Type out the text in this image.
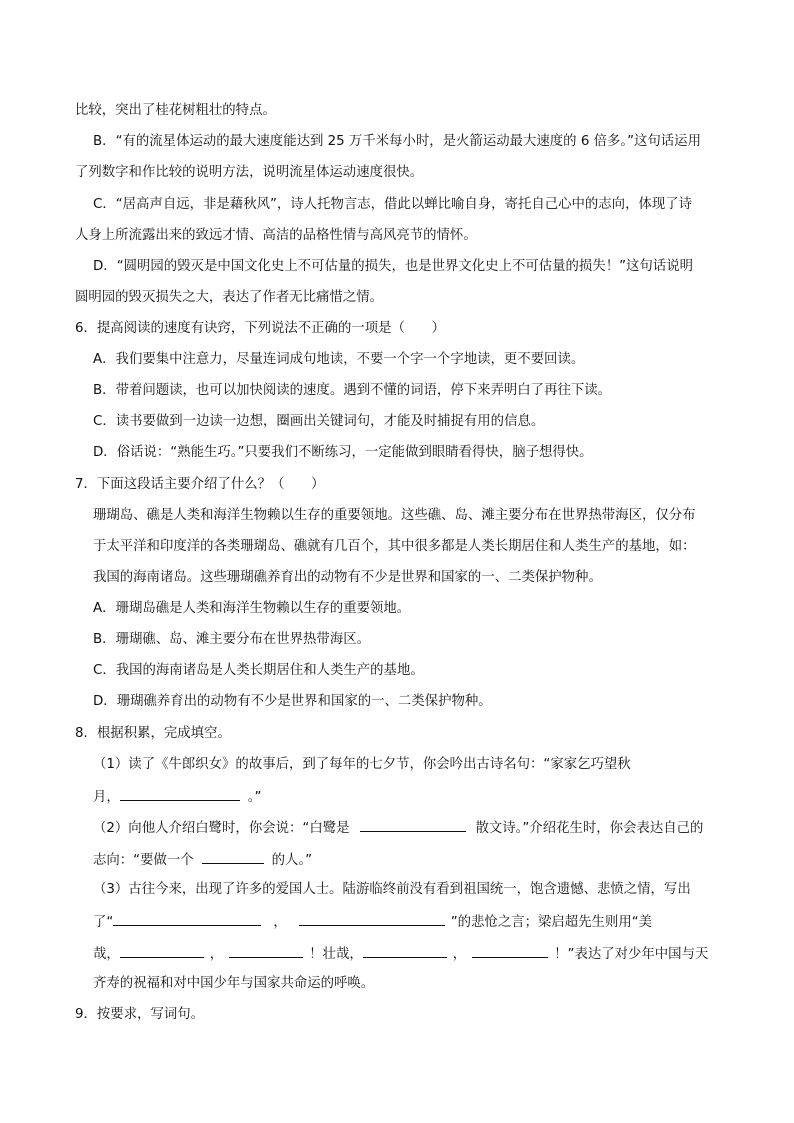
比较，突出了桂花树粗壮的特点。
B．“有的流星体运动的最大速度能达到 25 万千米每小时，是火箭运动最大速度的 6 倍多。”这句话运用
了列数字和作比较的说明方法，说明流星体运动速度很快。
C．“居高声自远，非是藉秋风”，诗人托物言志，借此以蝉比喻自身，寄托自己心中的志向，体现了诗
人身上所流露出来的致远才情、高洁的品格性情与高风亮节的情怀。
D．“圆明园的毁灭是中国文化史上不可估量的损失，也是世界文化史上不可估量的损失！”这句话说明
圆明园的毁灭损失之大，表达了作者无比痛惜之情。
6．提高阅读的速度有诀窍，下列说法不正确的一项是（　　）
A．我们要集中注意力，尽量连词成句地读，不要一个字一个字地读，更不要回读。
B．带着问题读，也可以加快阅读的速度。遇到不懂的词语，停下来弄明白了再往下读。
C．读书要做到一边读一边想，圈画出关键词句，才能及时捕捉有用的信息。
D．俗话说：“熟能生巧。”只要我们不断练习，一定能做到眼睛看得快，脑子想得快。
7．下面这段话主要介绍了什么？（　　）
珊瑚岛、礁是人类和海洋生物赖以生存的重要领地。这些礁、岛、滩主要分布在世界热带海区，仅分布
于太平洋和印度洋的各类珊瑚岛、礁就有几百个，其中很多都是人类长期居住和人类生产的基地，如：
我国的海南诸岛。这些珊瑚礁养育出的动物有不少是世界和国家的一、二类保护物种。
A．珊瑚岛礁是人类和海洋生物赖以生存的重要领地。
B．珊瑚礁、岛、滩主要分布在世界热带海区。
C．我国的海南诸岛是人类长期居住和人类生产的基地。
D．珊瑚礁养育出的动物有不少是世界和国家的一、二类保护物种。
8．根据积累，完成填空。
（1）读了《牛郎织女》的故事后，到了每年的七夕节，你会吟出古诗名句：“家家乞巧望秋
月，	。”
（2）向他人介绍白鹭时，你会说：“白鹭是	散文诗。”介绍花生时，你会表达自己的
志向：“要做一个	的人。”
（3）古往今来，出现了许多的爱国人士。陆游临终前没有看到祖国统一，饱含遗憾、悲愤之情，写出
了“	，	”的悲怆之言；梁启超先生则用“美
哉，	，	！壮哉，	，	！”表达了对少年中国与天
齐寿的祝福和对中国少年与国家共命运的呼唤。
9．按要求，写词句。
